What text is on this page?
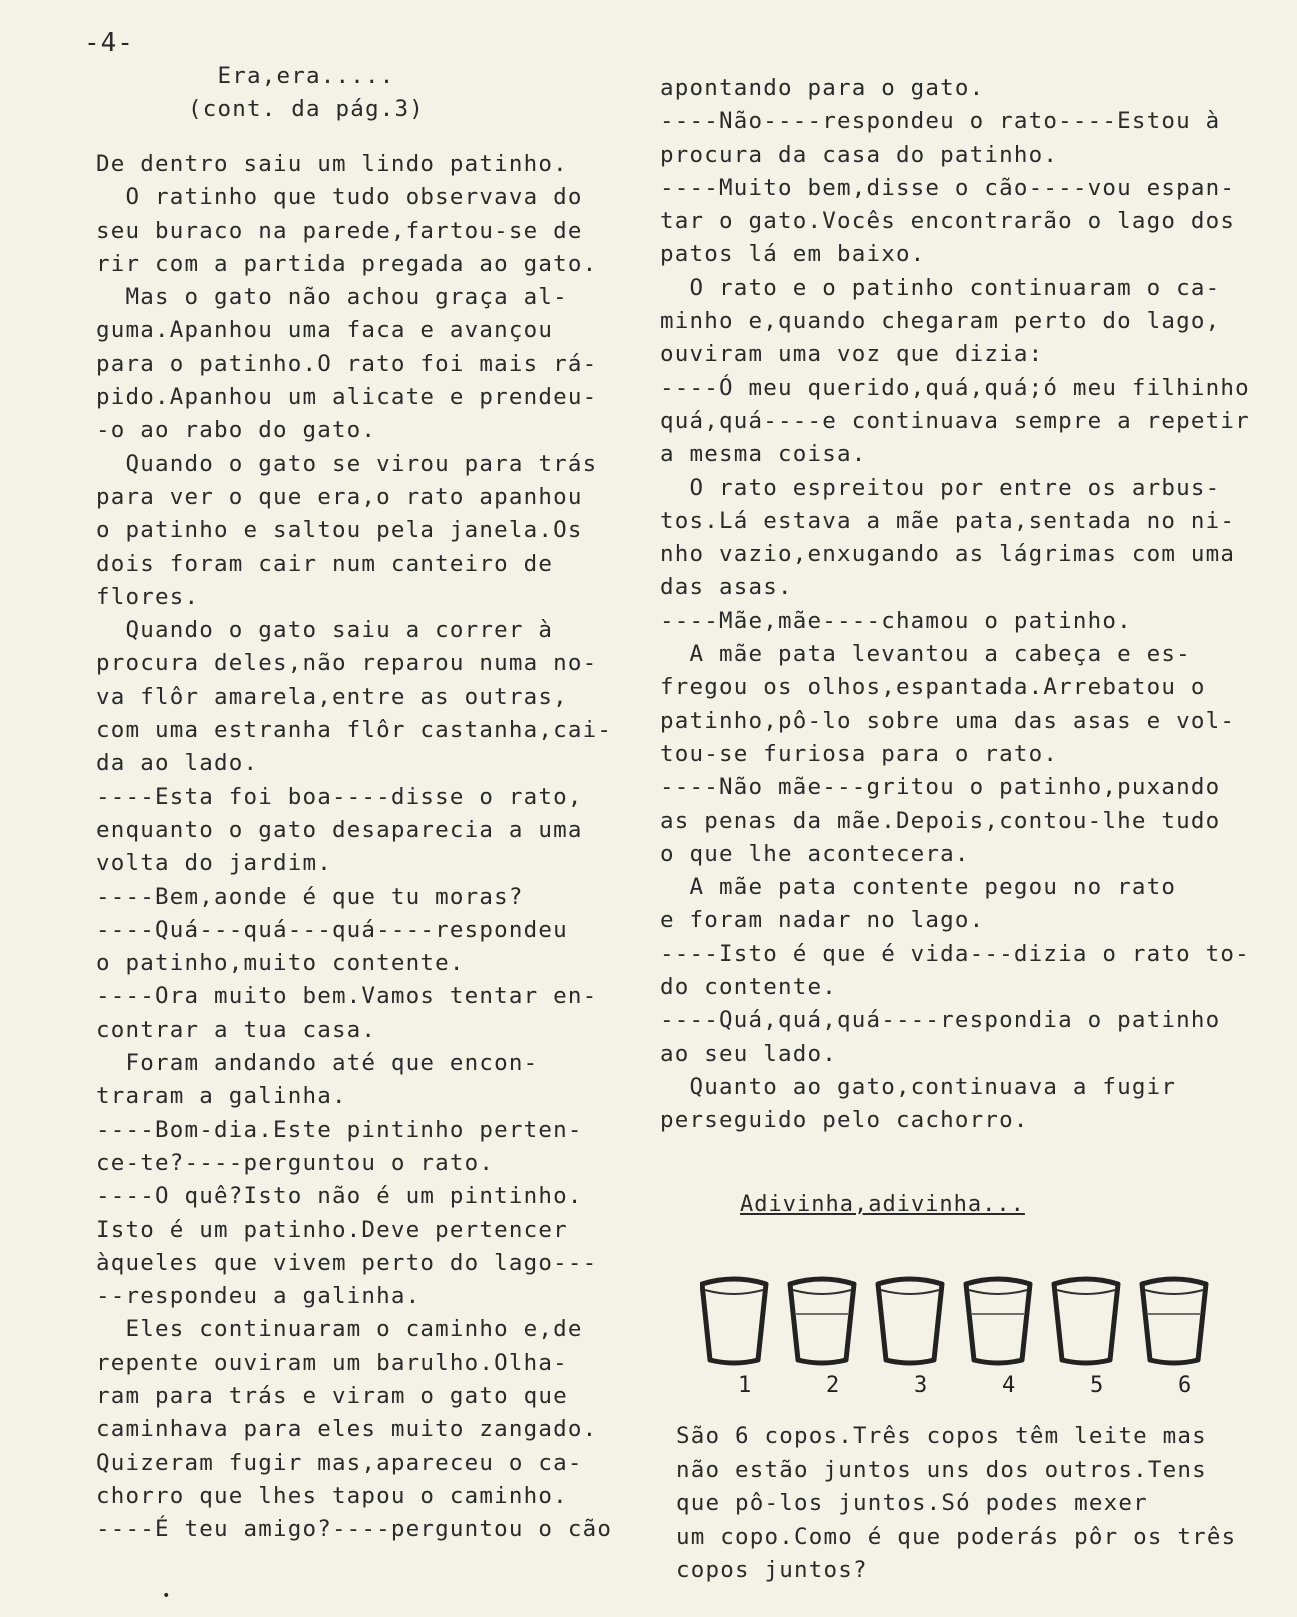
-4-
Era,era.....
(cont. da pág.3)
De dentro saiu um lindo patinho.
O ratinho que tudo observava do
seu buraco na parede,fartou-se de
rir com a partida pregada ao gato.
Mas o gato não achou graça al-
guma.Apanhou uma faca e avançou
para o patinho.O rato foi mais rá-
pido.Apanhou um alicate e prendeu-
-o ao rabo do gato.
Quando o gato se virou para trás
para ver o que era,o rato apanhou
o patinho e saltou pela janela.Os
dois foram cair num canteiro de
flores.
Quando o gato saiu a correr à
procura deles,não reparou numa no-
va flôr amarela,entre as outras,
com uma estranha flôr castanha,cai-
da ao lado.
----Esta foi boa----disse o rato,
enquanto o gato desaparecia a uma
volta do jardim.
----Bem,aonde é que tu moras?
----Quá---quá---quá----respondeu
o patinho,muito contente.
----Ora muito bem.Vamos tentar en-
contrar a tua casa.
Foram andando até que encon-
traram a galinha.
----Bom-dia.Este pintinho perten-
ce-te?----perguntou o rato.
----O quê?Isto não é um pintinho.
Isto é um patinho.Deve pertencer
àqueles que vivem perto do lago---
--respondeu a galinha.
Eles continuaram o caminho e,de
repente ouviram um barulho.Olha-
ram para trás e viram o gato que
caminhava para eles muito zangado.
Quizeram fugir mas,apareceu o ca-
chorro que lhes tapou o caminho.
----É teu amigo?----perguntou o cão
apontando para o gato.
----Não----respondeu o rato----Estou à
procura da casa do patinho.
----Muito bem,disse o cão----vou espan-
tar o gato.Vocês encontrarão o lago dos
patos lá em baixo.
O rato e o patinho continuaram o ca-
minho e,quando chegaram perto do lago,
ouviram uma voz que dizia:
----Ó meu querido,quá,quá;ó meu filhinho
quá,quá----e continuava sempre a repetir
a mesma coisa.
O rato espreitou por entre os arbus-
tos.Lá estava a mãe pata,sentada no ni-
nho vazio,enxugando as lágrimas com uma
das asas.
----Mãe,mãe----chamou o patinho.
A mãe pata levantou a cabeça e es-
fregou os olhos,espantada.Arrebatou o
patinho,pô-lo sobre uma das asas e vol-
tou-se furiosa para o rato.
----Não mãe---gritou o patinho,puxando
as penas da mãe.Depois,contou-lhe tudo
o que lhe acontecera.
A mãe pata contente pegou no rato
e foram nadar no lago.
----Isto é que é vida---dizia o rato to-
do contente.
----Quá,quá,quá----respondia o patinho
ao seu lado.
Quanto ao gato,continuava a fugir
perseguido pelo cachorro.
Adivinha,adivinha...
1	2	3	4	5	6
São 6 copos.Três copos têm leite mas
não estão juntos uns dos outros.Tens
que pô-los juntos.Só podes mexer
um copo.Como é que poderás pôr os três
copos juntos?
•
